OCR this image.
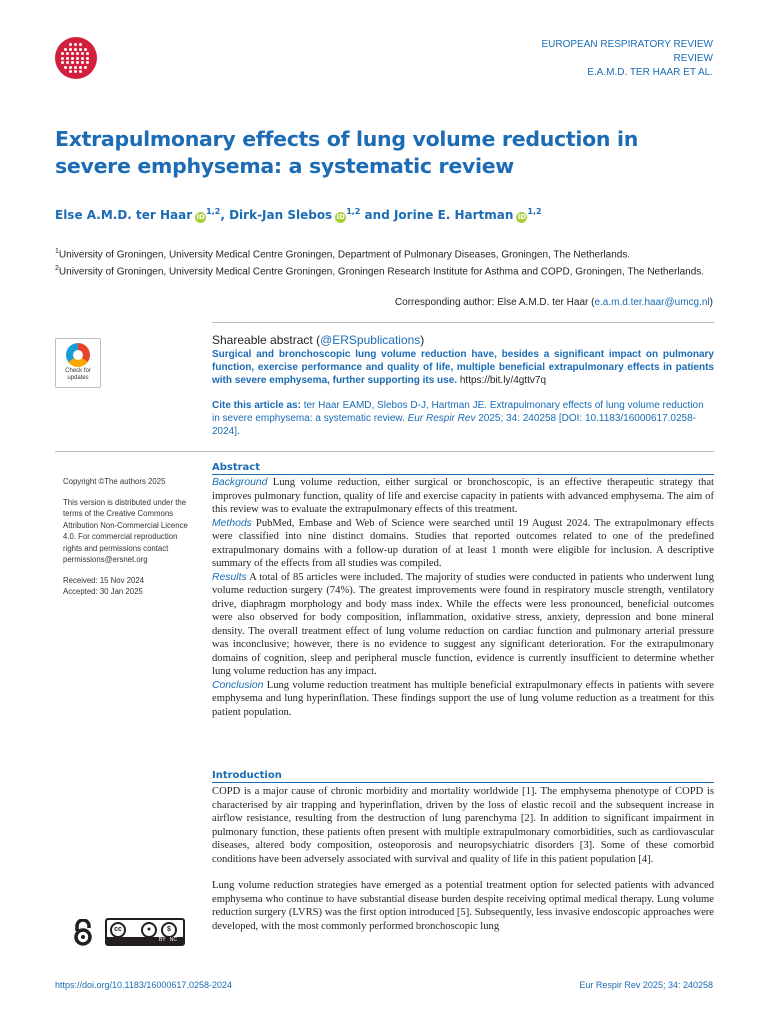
EUROPEAN RESPIRATORY REVIEW
REVIEW
E.A.M.D. TER HAAR ET AL.
Extrapulmonary effects of lung volume reduction in severe emphysema: a systematic review
Else A.M.D. ter Haar iD$^{1,2}$, Dirk-Jan Slebos iD$^{1,2}$ and Jorine E. Hartman iD$^{1,2}$
$^1$University of Groningen, University Medical Centre Groningen, Department of Pulmonary Diseases, Groningen, The Netherlands.
$^2$University of Groningen, University Medical Centre Groningen, Groningen Research Institute for Asthma and COPD, Groningen, The Netherlands.
Corresponding author: Else A.M.D. ter Haar (e.a.m.d.ter.haar@umcg.nl)
Check for
updates
Shareable abstract (@ERSpublications)
Surgical and bronchoscopic lung volume reduction have, besides a significant impact on pulmonary function, exercise performance and quality of life, multiple beneficial extrapulmonary effects in patients with severe emphysema, further supporting its use. https://bit.ly/4gttv7q
Cite this article as: ter Haar EAMD, Slebos D-J, Hartman JE. Extrapulmonary effects of lung volume reduction in severe emphysema: a systematic review. Eur Respir Rev 2025; 34: 240258 [DOI: 10.1183/16000617.0258-2024].

Copyright ©The authors 2025

This version is distributed under the terms of the Creative Commons Attribution Non-Commercial Licence 4.0. For commercial reproduction rights and permissions contact permissions@ersnet.org

Received: 15 Nov 2024

Accepted: 30 Jan 2025

Abstract
Background Lung volume reduction, either surgical or bronchoscopic, is an effective therapeutic strategy that improves pulmonary function, quality of life and exercise capacity in patients with advanced emphysema. The aim of this review was to evaluate the extrapulmonary effects of this treatment.
Methods PubMed, Embase and Web of Science were searched until 19 August 2024. The extrapulmonary effects were classified into nine distinct domains. Studies that reported outcomes related to one of the predefined extrapulmonary domains with a follow-up duration of at least 1 month were eligible for inclusion. A descriptive summary of the effects from all studies was compiled.
Results A total of 85 articles were included. The majority of studies were conducted in patients who underwent lung volume reduction surgery (74%). The greatest improvements were found in respiratory muscle strength, ventilatory drive, diaphragm morphology and body mass index. While the effects were less pronounced, beneficial outcomes were also observed for body composition, inflammation, oxidative stress, anxiety, depression and bone mineral density. The overall treatment effect of lung volume reduction on cardiac function and pulmonary arterial pressure was inconclusive; however, there is no evidence to suggest any significant deterioration. For the extrapulmonary domains of cognition, sleep and peripheral muscle function, evidence is currently insufficient to determine whether lung volume reduction has any impact.
Conclusion Lung volume reduction treatment has multiple beneficial extrapulmonary effects in patients with severe emphysema and lung hyperinflation. These findings support the use of lung volume reduction as a treatment for this patient population.
Introduction

COPD is a major cause of chronic morbidity and mortality worldwide [1]. The emphysema phenotype of COPD is characterised by air trapping and hyperinflation, driven by the loss of elastic recoil and the subsequent increase in airflow resistance, resulting from the destruction of lung parenchyma [2]. In addition to significant impairment in pulmonary function, these patients often present with multiple extrapulmonary comorbidities, such as cardiovascular diseases, altered body composition, osteoporosis and neuropsychiatric disorders [3]. Some of these comorbid conditions have been adversely associated with survival and quality of life in this patient population [4].

Lung volume reduction strategies have emerged as a potential treatment option for selected patients with advanced emphysema who continue to have substantial disease burden despite receiving optimal medical therapy. Lung volume reduction surgery (LVRS) was the first option introduced [5]. Subsequently, less invasive endoscopic approaches were developed, with the most commonly performed bronchoscopic lung

cc	●	$
BY NC
https://doi.org/10.1183/16000617.0258-2024	Eur Respir Rev 2025; 34: 240258
